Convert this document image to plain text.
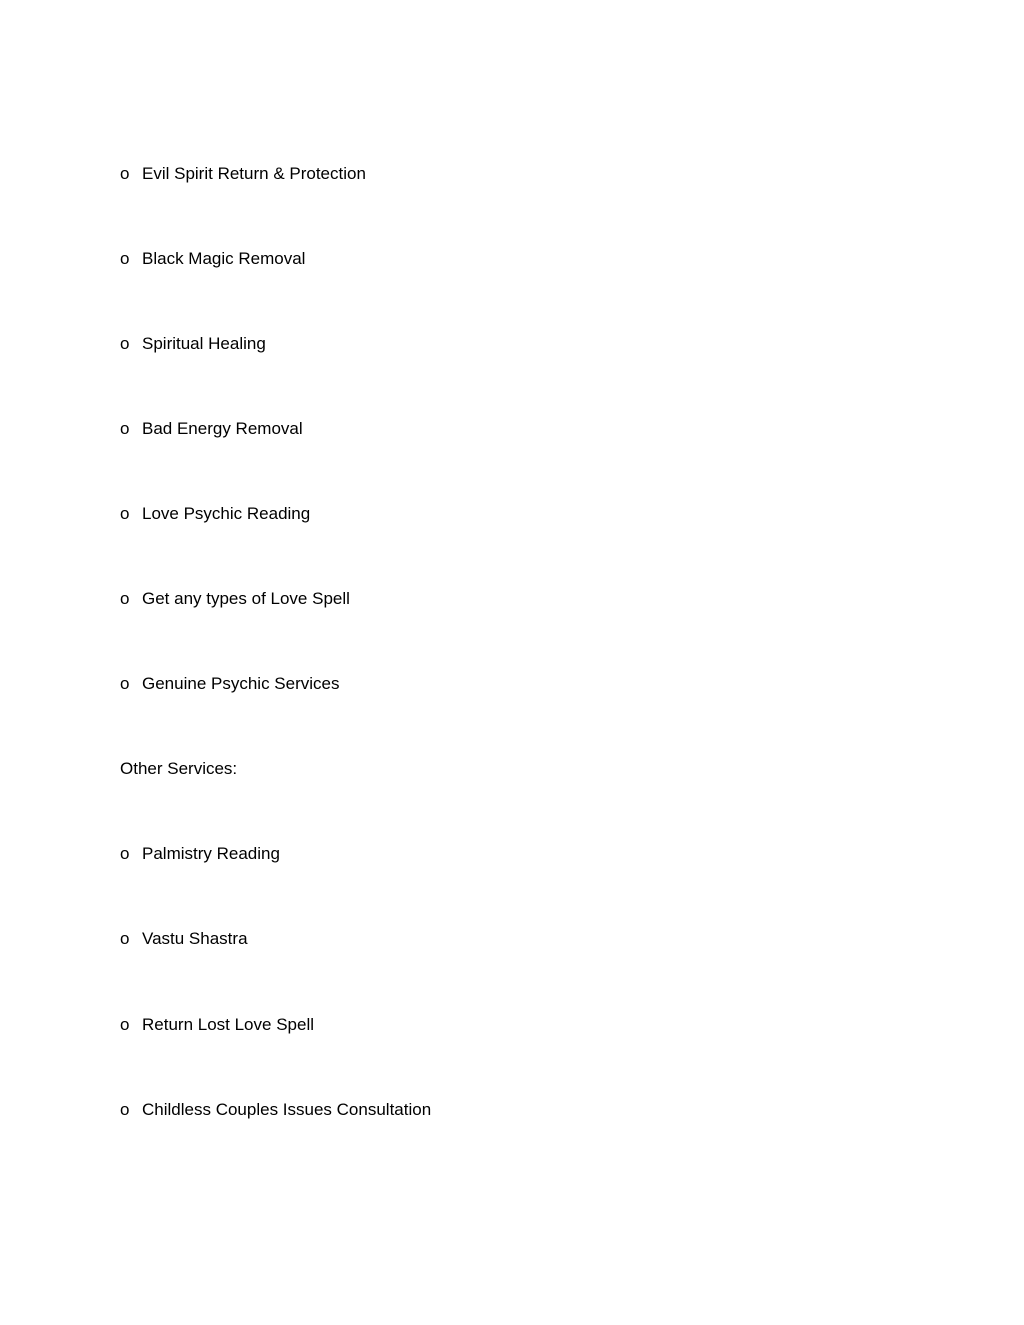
o Evil Spirit Return & Protection
o Black Magic Removal
o Spiritual Healing
o Bad Energy Removal
o Love Psychic Reading
o Get any types of Love Spell
o Genuine Psychic Services
Other Services:
o Palmistry Reading
o Vastu Shastra
o Return Lost Love Spell
o Childless Couples Issues Consultation
